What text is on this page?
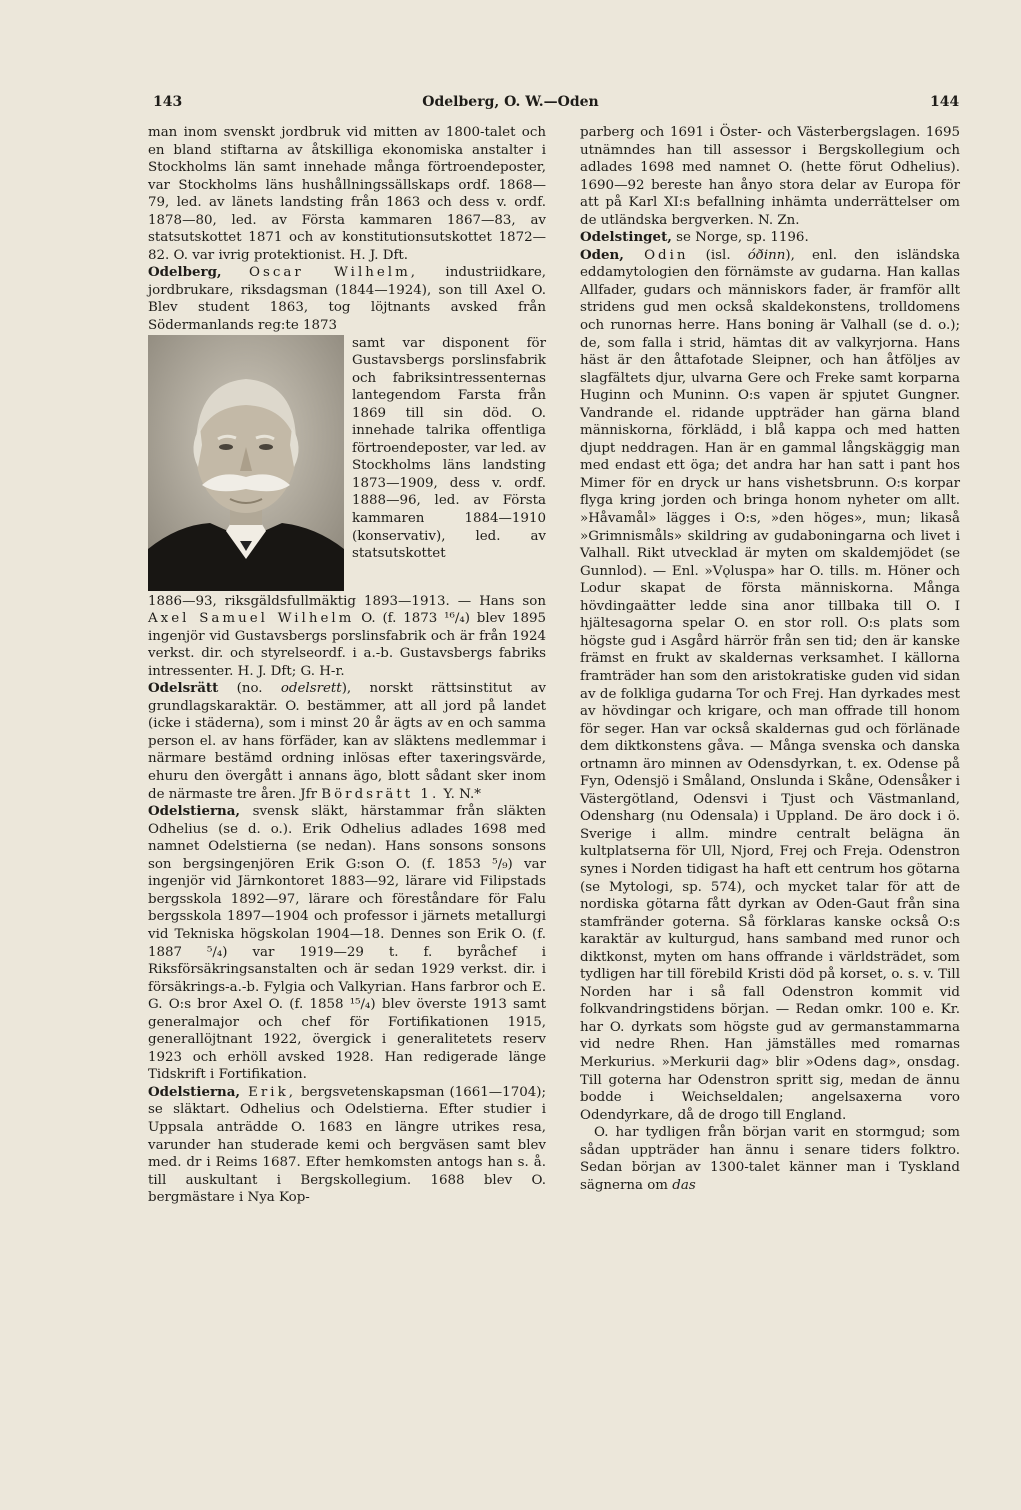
143	Odelberg, O. W.—Oden	144

man inom svenskt jordbruk vid mitten av 1800-talet och en bland stiftarna av åtskilliga ekonomiska anstalter i Stockholms län samt innehade många förtroendeposter, var Stockholms läns hushållningssällskaps ordf. 1868—79, led. av länets landsting från 1863 och dess v. ordf. 1878—80, led. av Första kammaren 1867—83, av statsutskottet 1871 och av konstitutionsutskottet 1872—82. O. var ivrig protektionist. H. J. Dft.

Odelberg, Oscar Wilhelm, industriidkare, jordbrukare, riksdagsman (1844—1924), son till Axel O. Blev student 1863, tog löjtnants avsked från Södermanlands reg:te 1873

samt var disponent för Gustavsbergs porslinsfabrik och fabriksintressenternas lantegendom Farsta från 1869 till sin död. O. innehade talrika offentliga förtroendeposter, var led. av Stockholms läns landsting 1873—1909, dess v. ordf. 1888—96, led. av Första kammaren 1884—1910 (konservativ), led. av statsutskottet

1886—93, riksgäldsfullmäktig 1893—1913. — Hans son Axel Samuel Wilhelm O. (f. 1873 ¹⁶/₄) blev 1895 ingenjör vid Gustavsbergs porslinsfabrik och är från 1924 verkst. dir. och styrelseordf. i a.-b. Gustavsbergs fabriks intressenter. H. J. Dft; G. H-r.

Odelsrätt (no. odelsrett), norskt rättsinstitut av grundlagskaraktär. O. bestämmer, att all jord på landet (icke i städerna), som i minst 20 år ägts av en och samma person el. av hans förfäder, kan av släktens medlemmar i närmare bestämd ordning inlösas efter taxeringsvärde, ehuru den övergått i annans ägo, blott sådant sker inom de närmaste tre åren. Jfr Bördsrätt 1. Y. N.*

Odelstierna, svensk släkt, härstammar från släkten Odhelius (se d. o.). Erik Odhelius adlades 1698 med namnet Odelstierna (se nedan). Hans sonsons sonsons son bergsingenjören Erik G:son O. (f. 1853 ⁵/₉) var ingenjör vid Järnkontoret 1883—92, lärare vid Filipstads bergsskola 1892—97, lärare och föreståndare för Falu bergsskola 1897—1904 och professor i järnets metallurgi vid Tekniska högskolan 1904—18. Dennes son Erik O. (f. 1887 ⁵/₄) var 1919—29 t. f. byråchef i Riksförsäkringsanstalten och är sedan 1929 verkst. dir. i försäkrings-a.-b. Fylgia och Valkyrian. Hans farbror och E. G. O:s bror Axel O. (f. 1858 ¹⁵/₄) blev överste 1913 samt generalmajor och chef för Fortifikationen 1915, generallöjtnant 1922, övergick i generalitetets reserv 1923 och erhöll avsked 1928. Han redigerade länge Tidskrift i Fortifikation.

Odelstierna, Erik, bergsvetenskapsman (1661—1704); se släktart. Odhelius och Odelstierna. Efter studier i Uppsala anträdde O. 1683 en längre utrikes resa, varunder han studerade kemi och bergväsen samt blev med. dr i Reims 1687. Efter hemkomsten antogs han s. å. till auskultant i Bergskollegium. 1688 blev O. bergmästare i Nya Kop-

parberg och 1691 i Öster- och Västerbergslagen. 1695 utnämndes han till assessor i Bergskollegium och adlades 1698 med namnet O. (hette förut Odhelius). 1690—92 bereste han ånyo stora delar av Europa för att på Karl XI:s befallning inhämta underrättelser om de utländska bergverken. N. Zn.

Odelstinget, se Norge, sp. 1196.

Oden, Odin (isl. óðinn), enl. den isländska eddamytologien den förnämste av gudarna. Han kallas Allfader, gudars och människors fader, är framför allt stridens gud men också skaldekonstens, trolldomens och runornas herre. Hans boning är Valhall (se d. o.); de, som falla i strid, hämtas dit av valkyrjorna. Hans häst är den åttafotade Sleipner, och han åtföljes av slagfältets djur, ulvarna Gere och Freke samt korparna Huginn och Muninn. O:s vapen är spjutet Gungner. Vandrande el. ridande uppträder han gärna bland människorna, förklädd, i blå kappa och med hatten djupt neddragen. Han är en gammal långskäggig man med endast ett öga; det andra har han satt i pant hos Mimer för en dryck ur hans vishetsbrunn. O:s korpar flyga kring jorden och bringa honom nyheter om allt. »Håvamål» lägges i O:s, »den höges», mun; likaså »Grimnismåls» skildring av gudaboningarna och livet i Valhall. Rikt utvecklad är myten om skaldemjödet (se Gunnlod). — Enl. »Vǫluspa» har O. tills. m. Höner och Lodur skapat de första människorna. Många hövdingaätter ledde sina anor tillbaka till O. I hjältesagorna spelar O. en stor roll. O:s plats som högste gud i Asgård härrör från sen tid; den är kanske främst en frukt av skaldernas verksamhet. I källorna framträder han som den aristokratiske guden vid sidan av de folkliga gudarna Tor och Frej. Han dyrkades mest av hövdingar och krigare, och man offrade till honom för seger. Han var också skaldernas gud och förlänade dem diktkonstens gåva. — Många svenska och danska ortnamn äro minnen av Odensdyrkan, t. ex. Odense på Fyn, Odensjö i Småland, Onslunda i Skåne, Odensåker i Västergötland, Odensvi i Tjust och Västmanland, Odensharg (nu Odensala) i Uppland. De äro dock i ö. Sverige i allm. mindre centralt belägna än kultplatserna för Ull, Njord, Frej och Freja. Odenstron synes i Norden tidigast ha haft ett centrum hos götarna (se Mytologi, sp. 574), och mycket talar för att de nordiska götarna fått dyrkan av Oden-Gaut från sina stamfränder goterna. Så förklaras kanske också O:s karaktär av kulturgud, hans samband med runor och diktkonst, myten om hans offrande i världsträdet, som tydligen har till förebild Kristi död på korset, o. s. v. Till Norden har i så fall Odenstron kommit vid folkvandringstidens början. — Redan omkr. 100 e. Kr. har O. dyrkats som högste gud av germanstammarna vid nedre Rhen. Han jämställes med romarnas Merkurius. »Merkurii dag» blir »Odens dag», onsdag. Till goterna har Odenstron spritt sig, medan de ännu bodde i Weichseldalen; angelsaxerna voro Odendyrkare, då de drogo till England.

O. har tydligen från början varit en stormgud; som sådan uppträder han ännu i senare tiders folktro. Sedan början av 1300-talet känner man i Tyskland sägnerna om das
